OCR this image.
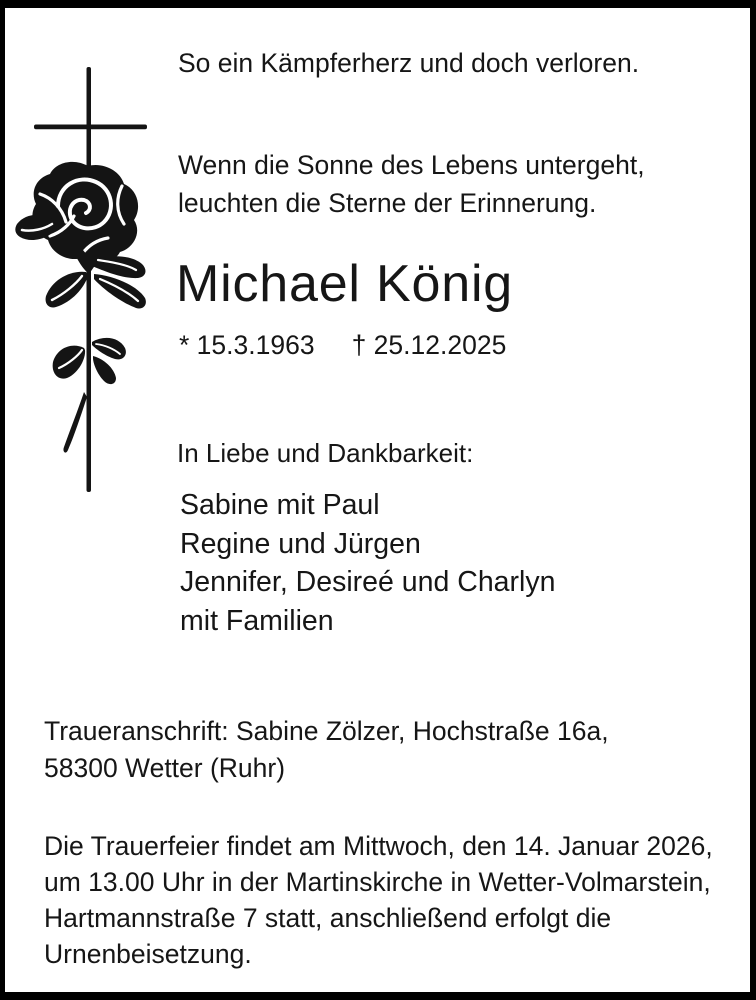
So ein Kämpferherz und doch verloren.
Wenn die Sonne des Lebens untergeht,
leuchten die Sterne der Erinnerung.
Michael König
* 15.3.1963 † 25.12.2025
In Liebe und Dankbarkeit:
Sabine mit Paul
Regine und Jürgen
Jennifer, Desireé und Charlyn
mit Familien
Traueranschrift: Sabine Zölzer, Hochstraße 16a,
58300 Wetter (Ruhr)
Die Trauerfeier findet am Mittwoch, den 14. Januar 2026,
um 13.00 Uhr in der Martinskirche in Wetter-Volmarstein,
Hartmannstraße 7 statt, anschließend erfolgt die
Urnenbeisetzung.
